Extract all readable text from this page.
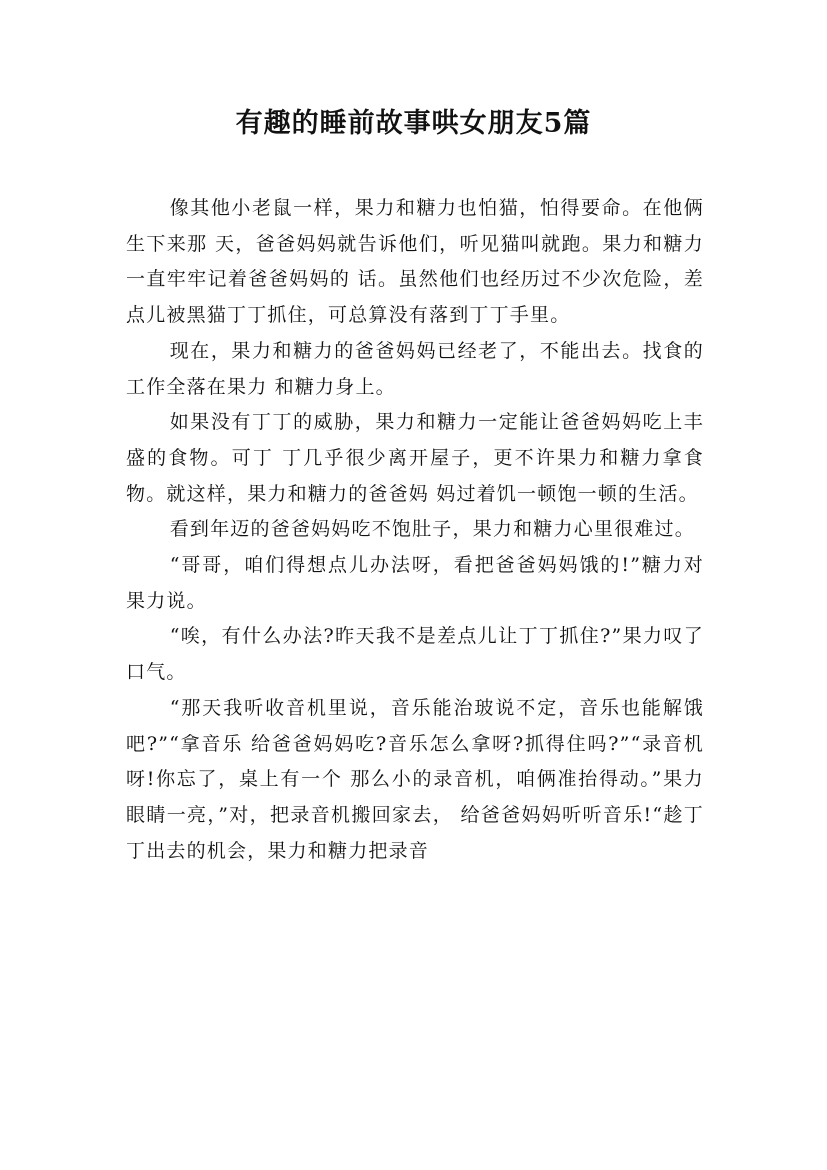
有趣的睡前故事哄女朋友5篇

像其他小老鼠一样，果力和糖力也怕猫，怕得要命。在他俩生下来那 天，爸爸妈妈就告诉他们，听见猫叫就跑。果力和糖力一直牢牢记着爸爸妈妈的 话。虽然他们也经历过不少次危险，差点儿被黑猫丁丁抓住，可总算没有落到丁丁手里。

现在，果力和糖力的爸爸妈妈已经老了，不能出去。找食的工作全落在果力 和糖力身上。

如果没有丁丁的威胁，果力和糖力一定能让爸爸妈妈吃上丰盛的食物。可丁 丁几乎很少离开屋子，更不许果力和糖力拿食物。就这样，果力和糖力的爸爸妈 妈过着饥一顿饱一顿的生活。

看到年迈的爸爸妈妈吃不饱肚子，果力和糖力心里很难过。

“哥哥，咱们得想点儿办法呀，看把爸爸妈妈饿的!”糖力对果力说。

“唉，有什么办法?昨天我不是差点儿让丁丁抓住?”果力叹了口气。

“那天我听收音机里说，音乐能治玻说不定，音乐也能解饿吧?”“拿音乐 给爸爸妈妈吃?音乐怎么拿呀?抓得住吗?”“录音机呀!你忘了，桌上有一个 那么小的录音机，咱俩准抬得动。”果力眼睛一亮，”对，把录音机搬回家去， 给爸爸妈妈听听音乐!“趁丁丁出去的机会，果力和糖力把录音
